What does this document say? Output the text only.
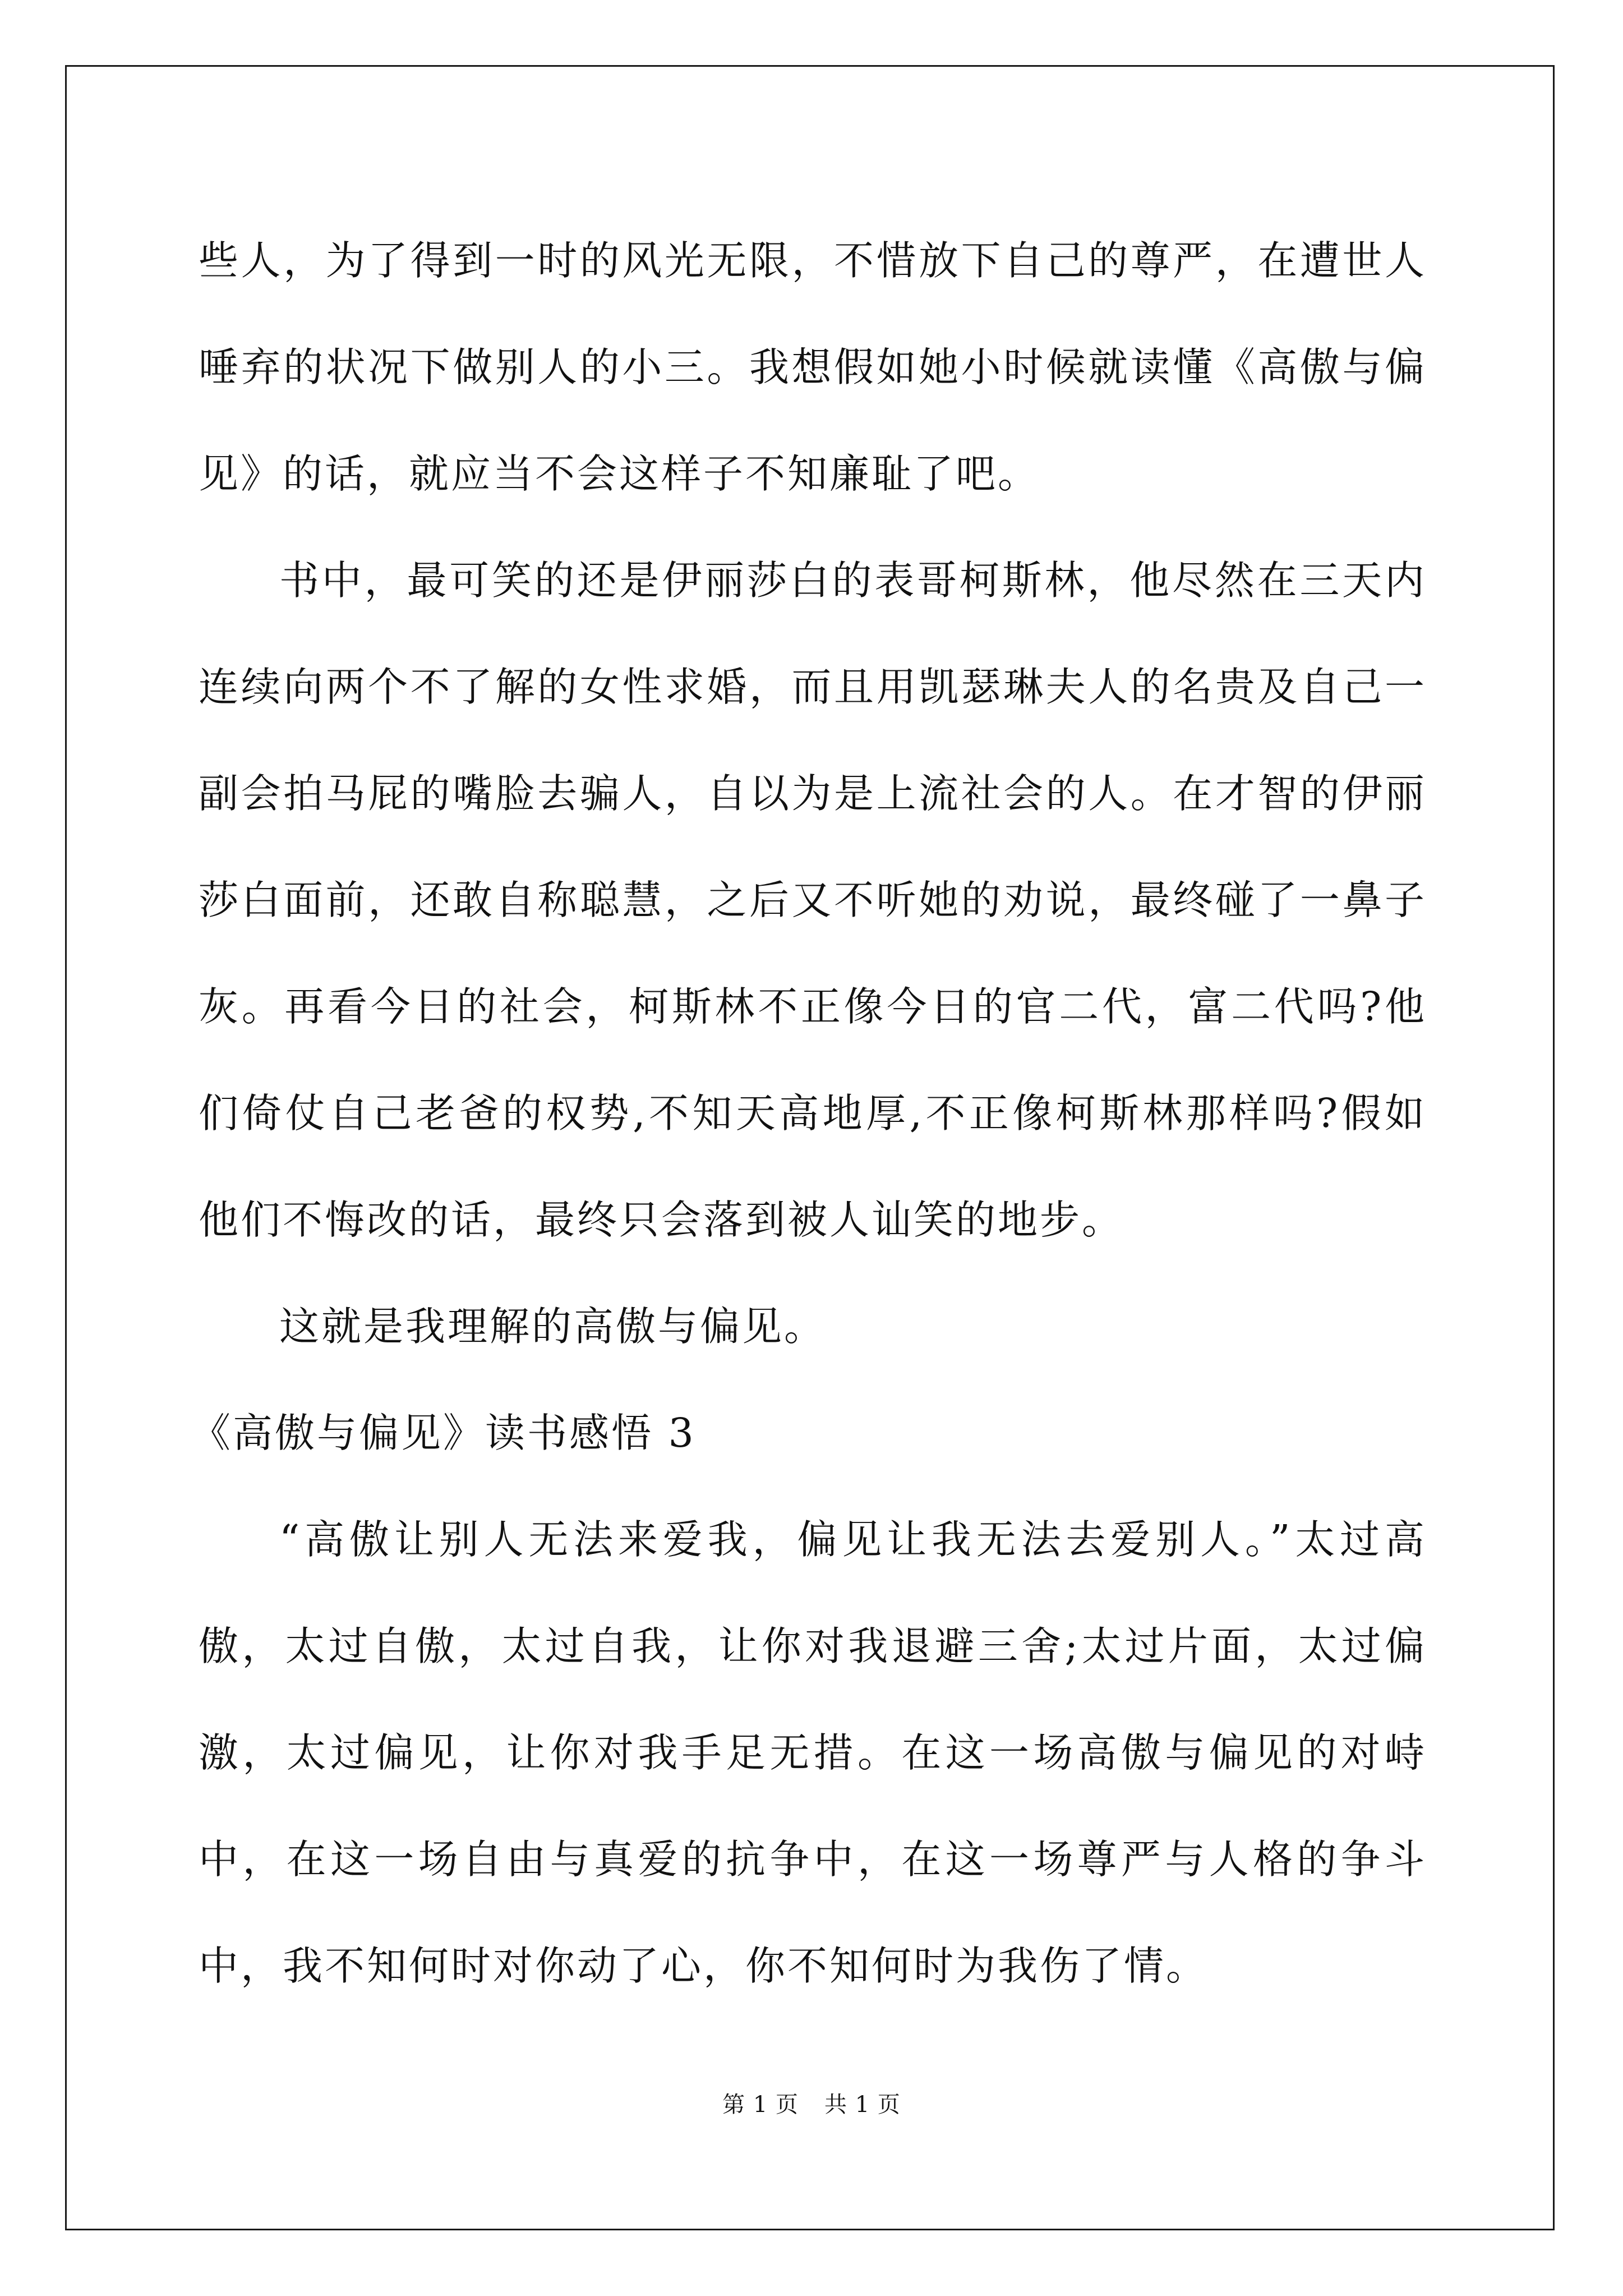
些人，为了得到一时的风光无限，不惜放下自己的尊严，在遭世人唾弃的状况下做别人的小三。我想假如她小时候就读懂《高傲与偏见》的话，就应当不会这样子不知廉耻了吧。

书中，最可笑的还是伊丽莎白的表哥柯斯林，他尽然在三天内连续向两个不了解的女性求婚，而且用凯瑟琳夫人的名贵及自己一副会拍马屁的嘴脸去骗人，自以为是上流社会的人。在才智的伊丽莎白面前，还敢自称聪慧，之后又不听她的劝说，最终碰了一鼻子灰。再看今日的社会，柯斯林不正像今日的官二代，富二代吗?他们倚仗自己老爸的权势,不知天高地厚,不正像柯斯林那样吗?假如他们不悔改的话，最终只会落到被人讪笑的地步。

这就是我理解的高傲与偏见。

《高傲与偏见》读书感悟 3

“高傲让别人无法来爱我，偏见让我无法去爱别人。”太过高傲，太过自傲，太过自我，让你对我退避三舍;太过片面，太过偏激，太过偏见，让你对我手足无措。在这一场高傲与偏见的对峙中，在这一场自由与真爱的抗争中，在这一场尊严与人格的争斗中，我不知何时对你动了心，你不知何时为我伤了情。

第 1 页 共 1 页
